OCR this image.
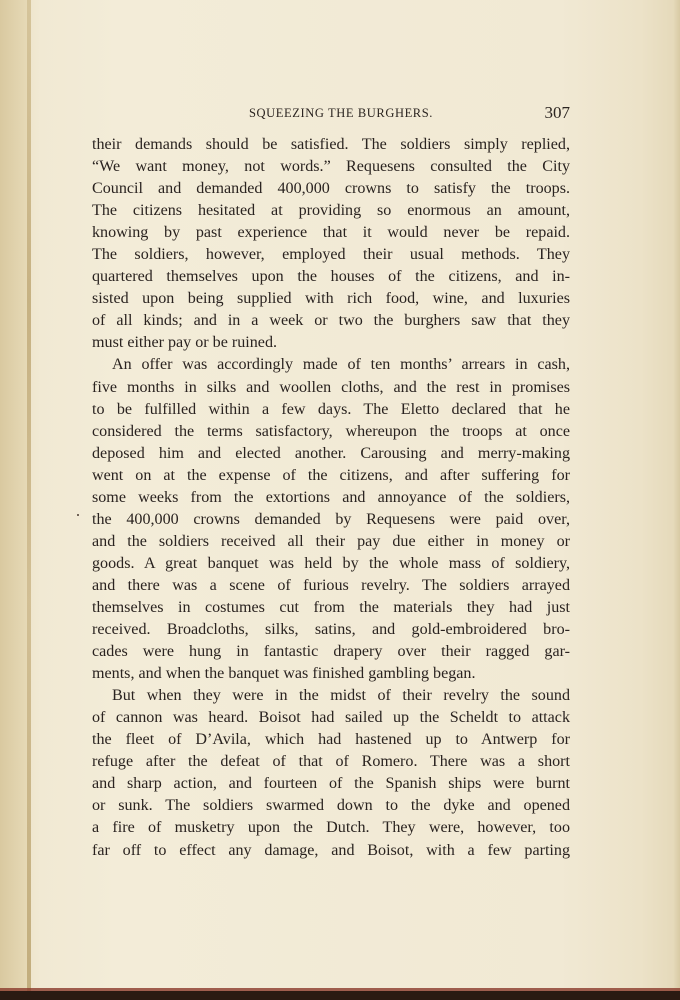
SQUEEZING THE BURGHERS.	307
their demands should be satisfied. The soldiers simply replied,
“We want money, not words.” Requesens consulted the City
Council and demanded 400,000 crowns to satisfy the troops.
The citizens hesitated at providing so enormous an amount,
knowing by past experience that it would never be repaid.
The soldiers, however, employed their usual methods. They
quartered themselves upon the houses of the citizens, and in-
sisted upon being supplied with rich food, wine, and luxuries
of all kinds; and in a week or two the burghers saw that they
must either pay or be ruined.
An offer was accordingly made of ten months’ arrears in cash,
five months in silks and woollen cloths, and the rest in promises
to be fulfilled within a few days. The Eletto declared that he
considered the terms satisfactory, whereupon the troops at once
deposed him and elected another. Carousing and merry-making
went on at the expense of the citizens, and after suffering for
some weeks from the extortions and annoyance of the soldiers,
the 400,000 crowns demanded by Requesens were paid over,
and the soldiers received all their pay due either in money or
goods. A great banquet was held by the whole mass of soldiery,
and there was a scene of furious revelry. The soldiers arrayed
themselves in costumes cut from the materials they had just
received. Broadcloths, silks, satins, and gold-embroidered bro-
cades were hung in fantastic drapery over their ragged gar-
ments, and when the banquet was finished gambling began.
But when they were in the midst of their revelry the sound
of cannon was heard. Boisot had sailed up the Scheldt to attack
the fleet of D’Avila, which had hastened up to Antwerp for
refuge after the defeat of that of Romero. There was a short
and sharp action, and fourteen of the Spanish ships were burnt
or sunk. The soldiers swarmed down to the dyke and opened
a fire of musketry upon the Dutch. They were, however, too
far off to effect any damage, and Boisot, with a few parting
